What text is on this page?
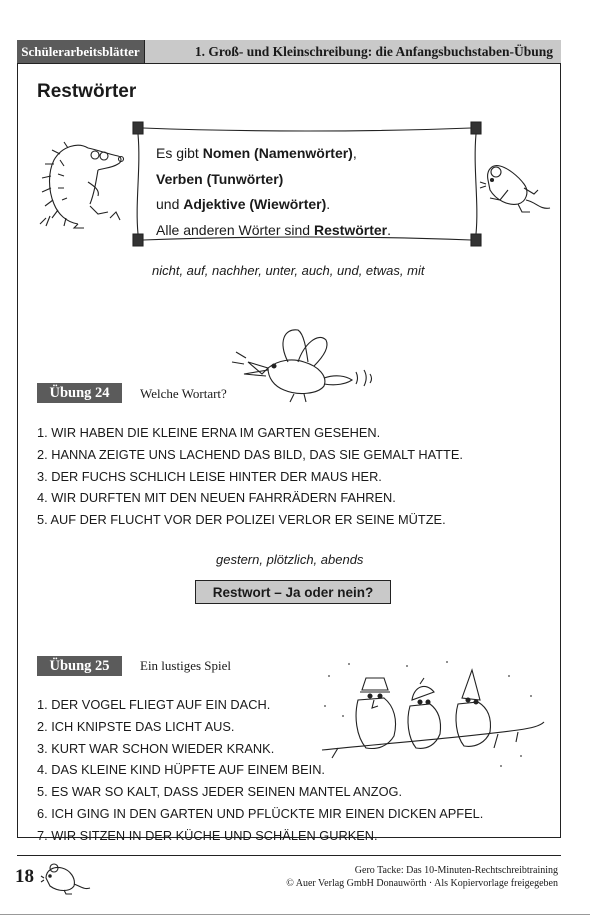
Schülerarbeitsblätter	1. Groß- und Kleinschreibung: die Anfangsbuchstaben-Übung
Restwörter
Es gibt Nomen (Namenwörter),
Verben (Tunwörter)
und Adjektive (Wiewörter).
Alle anderen Wörter sind Restwörter.
nicht, auf, nachher, unter, auch, und, etwas, mit
Übung 24	Welche Wortart?
1. WIR HABEN DIE KLEINE ERNA IM GARTEN GESEHEN.
2. HANNA ZEIGTE UNS LACHEND DAS BILD, DAS SIE GEMALT HATTE.
3. DER FUCHS SCHLICH LEISE HINTER DER MAUS HER.
4. WIR DURFTEN MIT DEN NEUEN FAHRRÄDERN FAHREN.
5. AUF DER FLUCHT VOR DER POLIZEI VERLOR ER SEINE MÜTZE.
gestern, plötzlich, abends
Restwort – Ja oder nein?
Übung 25	Ein lustiges Spiel
1. DER VOGEL FLIEGT AUF EIN DACH.
2. ICH KNIPSTE DAS LICHT AUS.
3. KURT WAR SCHON WIEDER KRANK.
4. DAS KLEINE KIND HÜPFTE AUF EINEM BEIN.
5. ES WAR SO KALT, DASS JEDER SEINEN MANTEL ANZOG.
6. ICH GING IN DEN GARTEN UND PFLÜCKTE MIR EINEN DICKEN APFEL.
7. WIR SITZEN IN DER KÜCHE UND SCHÄLEN GURKEN.
18	Gero Tacke: Das 10-Minuten-Rechtschreibtraining
© Auer Verlag GmbH Donauwörth · Als Kopiervorlage freigegeben
